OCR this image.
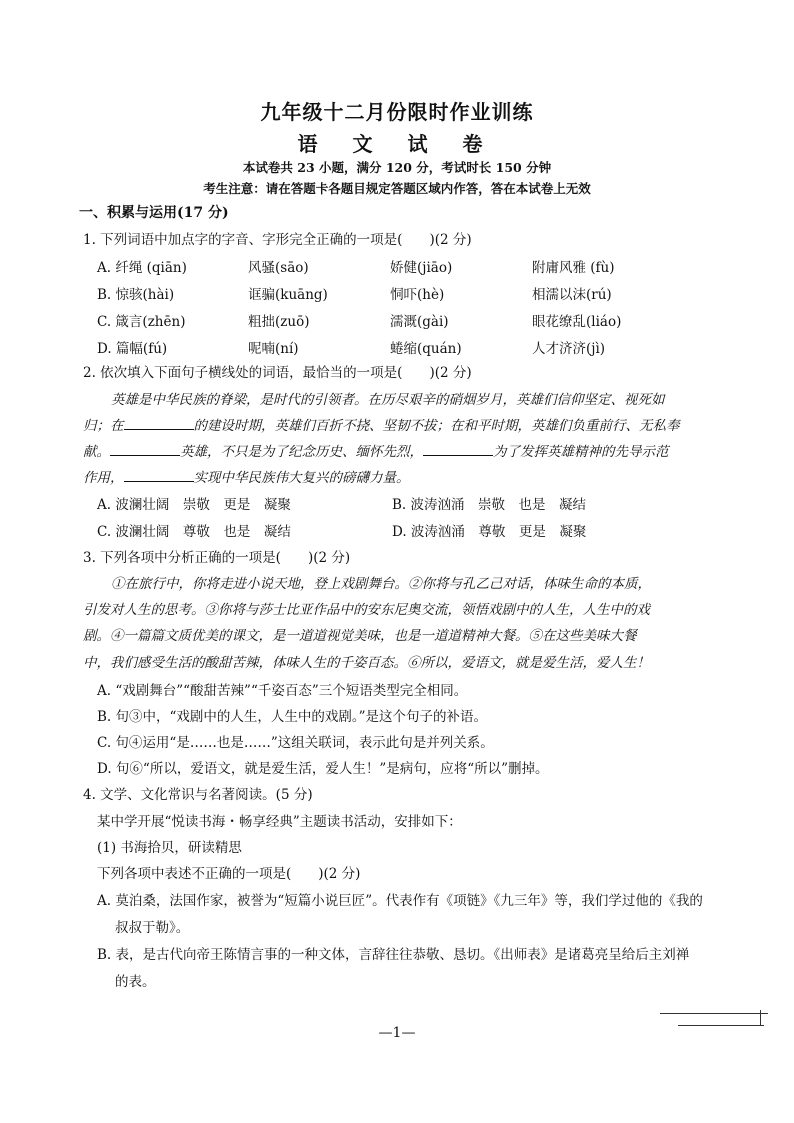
九年级十二月份限时作业训练
语 文 试 卷
本试卷共 23 小题，满分 120 分，考试时长 150 分钟
考生注意：请在答题卡各题目规定答题区域内作答，答在本试卷上无效
一、积累与运用(17 分)
1. 下列词语中加点字的字音、字形完全正确的一项是(　　)(2 分)
A. 纤绳 (qiān)	风骚(sāo)	娇健(jiāo)	附庸风雅 (fù)
B. 惊骇(hài)	诓骗(kuāng)	恫吓(hè)	相濡以沫(rú)
C. 箴言(zhēn)	粗拙(zuō)	濡溉(gài)	眼花缭乱(liáo)
D. 篇幅(fú)	呢喃(ní)	蜷缩(quán)	人才济济(jì)
2. 依次填入下面句子横线处的词语，最恰当的一项是(　　)(2 分)
英雄是中华民族的脊梁，是时代的引领者。在历尽艰辛的硝烟岁月，英雄们信仰坚定、视死如
归；在	的建设时期，英雄们百折不挠、坚韧不拔；在和平时期，英雄们负重前行、无私奉
献。	英雄，不只是为了纪念历史、缅怀先烈，	为了发挥英雄精神的先导示范
作用，	实现中华民族伟大复兴的磅礴力量。
A. 波澜壮阔　崇敬　更是　凝聚	B. 波涛汹涌　崇敬　也是　凝结
C. 波澜壮阔　尊敬　也是　凝结	D. 波涛汹涌　尊敬　更是　凝聚
3. 下列各项中分析正确的一项是(　　)(2 分)
①在旅行中，你将走进小说天地，登上戏剧舞台。②你将与孔乙己对话，体味生命的本质，
引发对人生的思考。③你将与莎士比亚作品中的安东尼奥交流，领悟戏剧中的人生，人生中的戏
剧。④一篇篇文质优美的课文，是一道道视觉美味，也是一道道精神大餐。⑤在这些美味大餐
中，我们感受生活的酸甜苦辣，体味人生的千姿百态。⑥所以，爱语文，就是爱生活，爱人生！
A. “戏剧舞台”“酸甜苦辣”“千姿百态”三个短语类型完全相同。
B. 句③中，“戏剧中的人生，人生中的戏剧。”是这个句子的补语。
C. 句④运用“是……也是……”这组关联词，表示此句是并列关系。
D. 句⑥“所以，爱语文，就是爱生活，爱人生！”是病句，应将“所以”删掉。
4. 文学、文化常识与名著阅读。(5 分)
某中学开展“悦读书海・畅享经典”主题读书活动，安排如下：
(1) 书海拾贝，研读精思
下列各项中表述不正确的一项是(　　)(2 分)
A. 莫泊桑，法国作家，被誉为“短篇小说巨匠”。代表作有《项链》《九三年》等，我们学过他的《我的
叔叔于勒》。
B. 表，是古代向帝王陈情言事的一种文体，言辞往往恭敬、恳切。《出师表》是诸葛亮呈给后主刘禅
的表。
—1—
